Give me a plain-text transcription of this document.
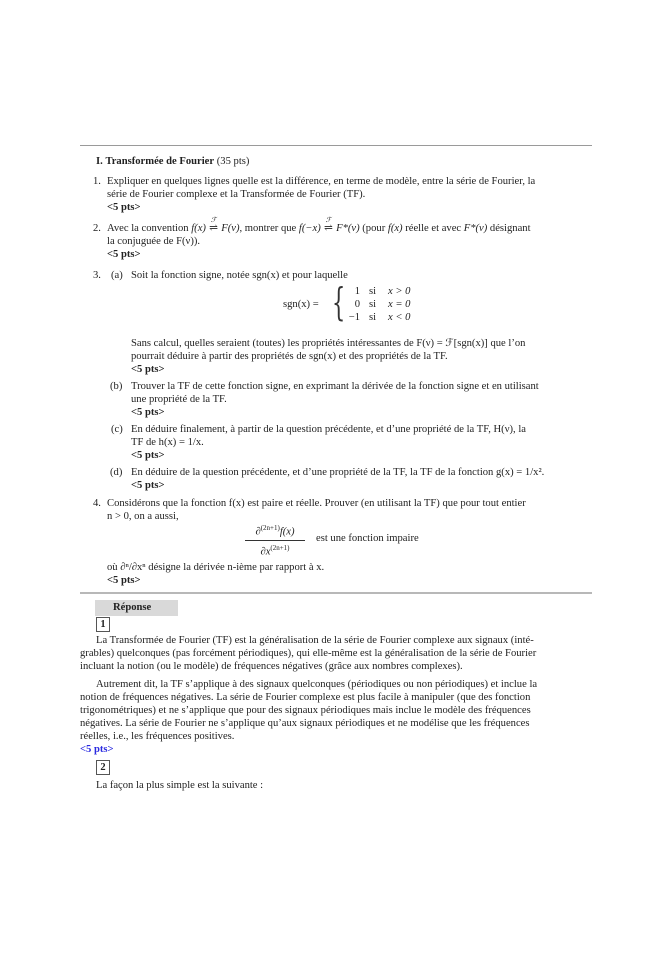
I. Transformée de Fourier (35 pts)
1. Expliquer en quelques lignes quelle est la différence, en terme de modèle, entre la série de Fourier, la
série de Fourier complexe et la Transformée de Fourier (TF).
<5 pts>
2. Avec la convention f(x)
ℱ
⇌ F(ν), montrer que f(−x)
ℱ
⇌ F*(ν) (pour f(x) réelle et avec F*(ν) désignant
la conjuguée de F(ν)).
<5 pts>
3. (a) Soit la fonction signe, notée sgn(x) et pour laquelle
sgn(x) = { 1 si x > 0
0 si x = 0
−1 si x < 0
Sans calcul, quelles seraient (toutes) les propriétés intéressantes de F(ν) = ℱ[sgn(x)] que l’on
pourrait déduire à partir des propriétés de sgn(x) et des propriétés de la TF.
<5 pts>
(b) Trouver la TF de cette fonction signe, en exprimant la dérivée de la fonction signe et en utilisant
une propriété de la TF.
<5 pts>
(c) En déduire finalement, à partir de la question précédente, et d’une propriété de la TF, H(ν), la
TF de h(x) = 1/x.
<5 pts>
(d) En déduire de la question précédente, et d’une propriété de la TF, la TF de la fonction g(x) = 1/x².
<5 pts>
4. Considérons que la fonction f(x) est paire et réelle. Prouver (en utilisant la TF) que pour tout entier
n > 0, on a aussi,
∂$^{(2n+1)}$f(x)
$\partial x^{(2n+1)}$
est une fonction impaire
où ∂ⁿ/∂xⁿ désigne la dérivée n-ième par rapport à x.
<5 pts>
Réponse
1
La Transformée de Fourier (TF) est la généralisation de la série de Fourier complexe aux signaux (inté-
grables) quelconques (pas forcément périodiques), qui elle-même est la généralisation de la série de Fourier
incluant la notion (ou le modèle) de fréquences négatives (grâce aux nombres complexes).
Autrement dit, la TF s’applique à des signaux quelconques (périodiques ou non périodiques) et inclue la
notion de fréquences négatives. La série de Fourier complexe est plus facile à manipuler (que des fonction
trigonométriques) et ne s’applique que pour des signaux périodiques mais inclue le modèle des fréquences
négatives. La série de Fourier ne s’applique qu’aux signaux périodiques et ne modélise que les fréquences
réelles, i.e., les fréquences positives.
<5 pts>
2
La façon la plus simple est la suivante :
